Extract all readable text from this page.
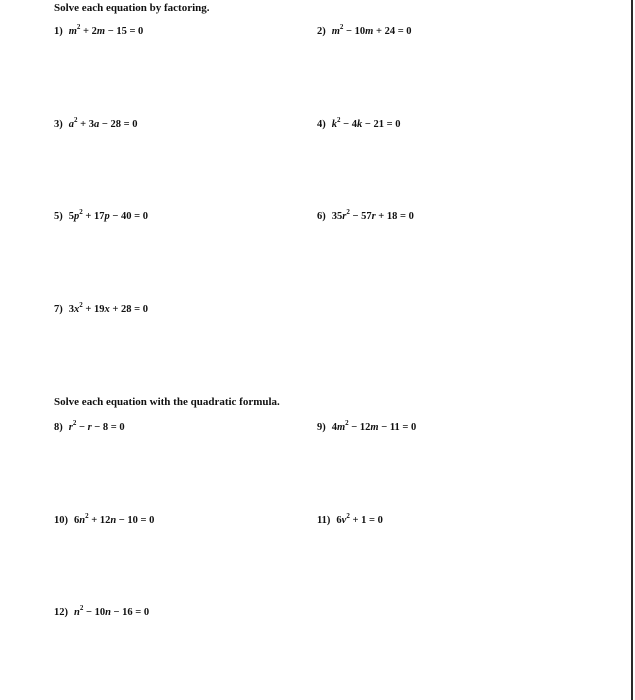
Solve each equation by factoring.
1) $m^2 + 2m - 15 = 0$	2) $m^2 - 10m + 24 = 0$
3) $a^2 + 3a - 28 = 0$	4) $k^2 - 4k - 21 = 0$
5) $5p^2 + 17p - 40 = 0$	6) $35r^2 - 57r + 18 = 0$
7) $3x^2 + 19x + 28 = 0$
Solve each equation with the quadratic formula.
8) $r^2 - r - 8 = 0$	9) $4m^2 - 12m - 11 = 0$
10) $6n^2 + 12n - 10 = 0$	11) $6v^2 + 1 = 0$
12) $n^2 - 10n - 16 = 0$
